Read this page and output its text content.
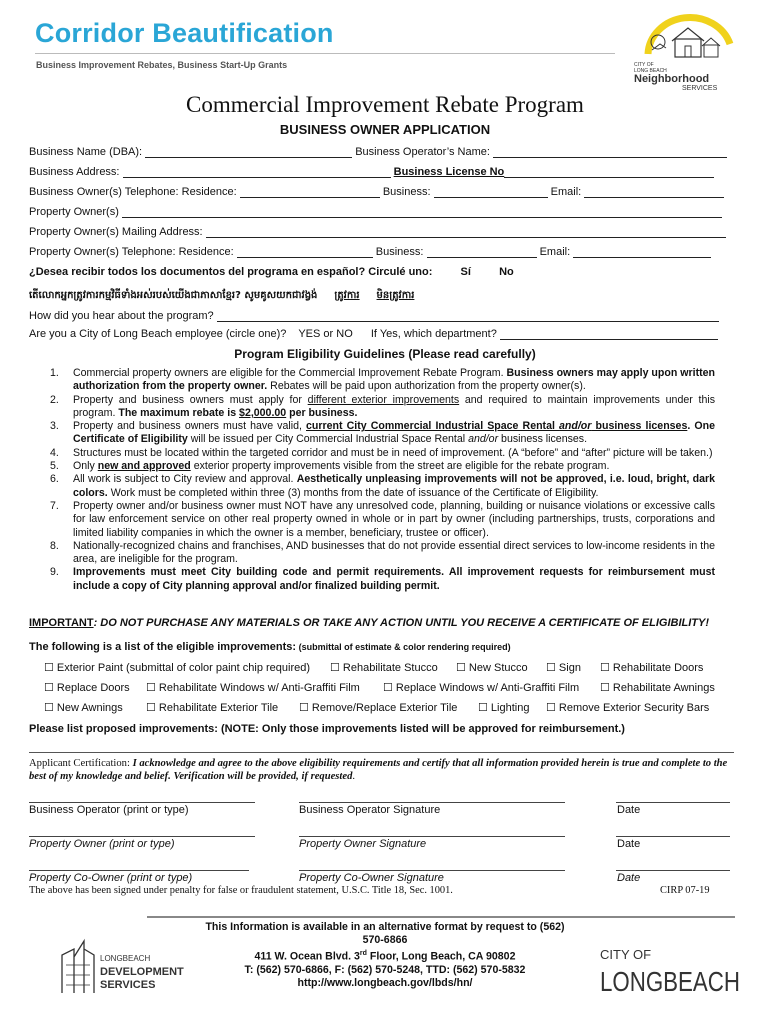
Corridor Beautification
Business Improvement Rebates, Business Start-Up Grants	CITY OF
LONG BEACH
Neighborhood
SERVICES
Commercial Improvement Rebate Program
BUSINESS OWNER APPLICATION
Business Name (DBA):	Business Operator’s Name:
Business Address:	Business License No
Business Owner(s) Telephone: Residence:	Business:	Email:
Property Owner(s)
Property Owner(s) Mailing Address:
Property Owner(s) Telephone: Residence:	Business:	Email:
¿Desea recibir todos los documentos del programa en español? Circulé uno:	Sí	No
តើលោកអ្នកត្រូវការកម្មវិធីទាំងអស់របស់យើងជាភាសាខ្មែរ? សូមគូសយកជាវង្វង់ ត្រូវការ មិនត្រូវការ
How did you hear about the program?
Are you a City of Long Beach employee (circle one)? YES or NO If Yes, which department?
Program Eligibility Guidelines (Please read carefully)
1. Commercial property owners are eligible for the Commercial Improvement Rebate Program. Business owners may apply upon written authorization from the property owner. Rebates will be paid upon authorization from the property owner(s).
2. Property and business owners must apply for different exterior improvements and required to maintain improvements under this program. The maximum rebate is $2,000.00 per business.
3. Property and business owners must have valid, current City Commercial Industrial Space Rental and/or business licenses. One Certificate of Eligibility will be issued per City Commercial Industrial Space Rental and/or business licenses.
4. Structures must be located within the targeted corridor and must be in need of improvement. (A “before” and “after” picture will be taken.)
5. Only new and approved exterior property improvements visible from the street are eligible for the rebate program.
6. All work is subject to City review and approval. Aesthetically unpleasing improvements will not be approved, i.e. loud, bright, dark colors. Work must be completed within three (3) months from the date of issuance of the Certificate of Eligibility.
7. Property owner and/or business owner must NOT have any unresolved code, planning, building or nuisance violations or excessive calls for law enforcement service on other real property owned in whole or in part by owner (including partnerships, trusts, corporations and limited liability companies in which the owner is a member, beneficiary, trustee or officer).
8. Nationally-recognized chains and franchises, AND businesses that do not provide essential direct services to low-income residents in the area, are ineligible for the program.
9. Improvements must meet City building code and permit requirements. All improvement requests for reimbursement must include a copy of City planning approval and/or finalized building permit.
IMPORTANT: DO NOT PURCHASE ANY MATERIALS OR TAKE ANY ACTION UNTIL YOU RECEIVE A CERTIFICATE OF ELIGIBILITY!
The following is a list of the eligible improvements: (submittal of estimate & color rendering required)
☐ Exterior Paint (submittal of color paint chip required) ☐ Rehabilitate Stucco ☐ New Stucco ☐ Sign ☐ Rehabilitate Doors
☐ Replace Doors ☐ Rehabilitate Windows w/ Anti-Graffiti Film ☐ Replace Windows w/ Anti-Graffiti Film ☐ Rehabilitate Awnings
☐ New Awnings ☐ Rehabilitate Exterior Tile ☐ Remove/Replace Exterior Tile ☐ Lighting ☐ Remove Exterior Security Bars
Please list proposed improvements: (NOTE: Only those improvements listed will be approved for reimbursement.)
Applicant Certification: I acknowledge and agree to the above eligibility requirements and certify that all information provided herein is true and complete to the best of my knowledge and belief. Verification will be provided, if requested.
Business Operator (print or type)	Business Operator Signature	Date
Property Owner (print or type)	Property Owner Signature	Date
Property Co-Owner (print or type)	Property Co-Owner Signature	Date
The above has been signed under penalty for false or fraudulent statement, U.S.C. Title 18, Sec. 1001.	CIRP 07-19
This Information is available in an alternative format by request to (562) 570-6866
411 W. Ocean Blvd. 3rd Floor, Long Beach, CA 90802
T: (562) 570-6866, F: (562) 570-5248, TTD: (562) 570-5832
http://www.longbeach.gov/lbds/hn/
LONGBEACH
DEVELOPMENT
SERVICES
CITY OF
LONGBEACH
